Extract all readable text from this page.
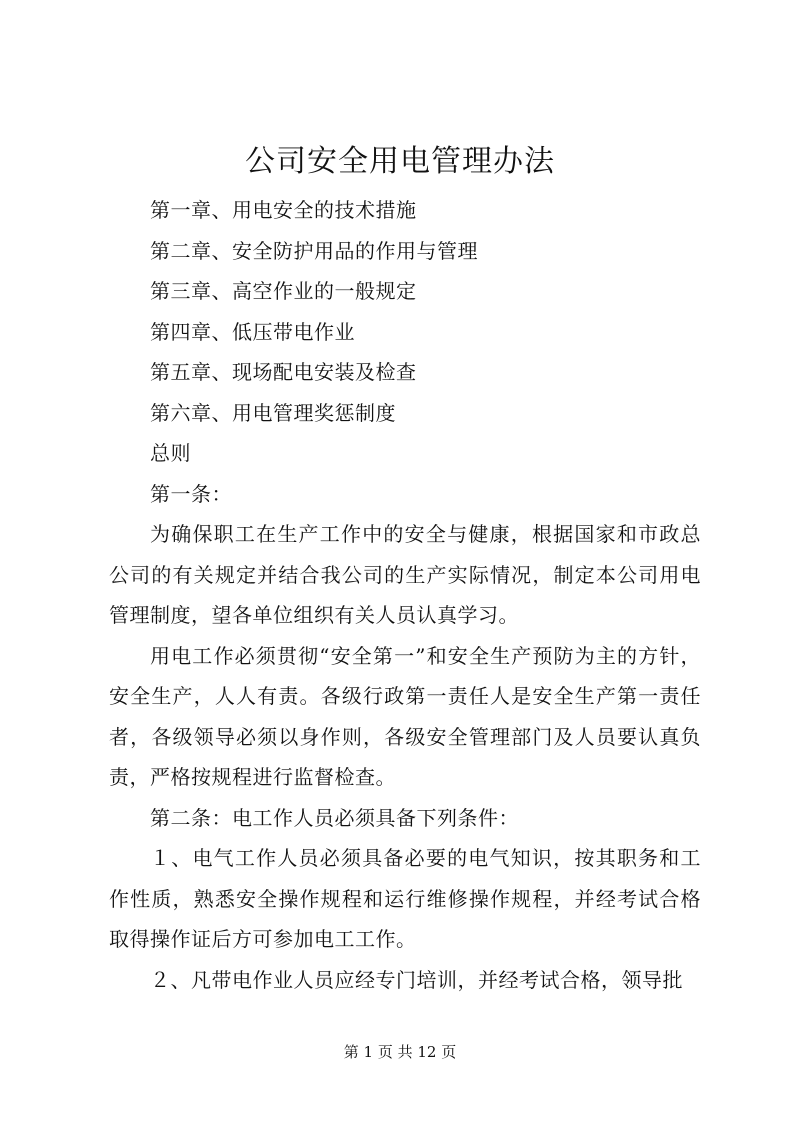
公司安全用电管理办法
第一章、用电安全的技术措施
第二章、安全防护用品的作用与管理
第三章、高空作业的一般规定
第四章、低压带电作业
第五章、现场配电安装及检查
第六章、用电管理奖惩制度
总则
第一条：

为确保职工在生产工作中的安全与健康，根据国家和市政总公司的有关规定并结合我公司的生产实际情况，制定本公司用电管理制度，望各单位组织有关人员认真学习。

用电工作必须贯彻“安全第一”和安全生产预防为主的方针，安全生产，人人有责。各级行政第一责任人是安全生产第一责任者，各级领导必须以身作则，各级安全管理部门及人员要认真负责，严格按规程进行监督检查。

第二条：电工作人员必须具备下列条件：

１、电气工作人员必须具备必要的电气知识，按其职务和工作性质，熟悉安全操作规程和运行维修操作规程，并经考试合格取得操作证后方可参加电工工作。

２、凡带电作业人员应经专门培训，并经考试合格，领导批

第 1 页 共 12 页
